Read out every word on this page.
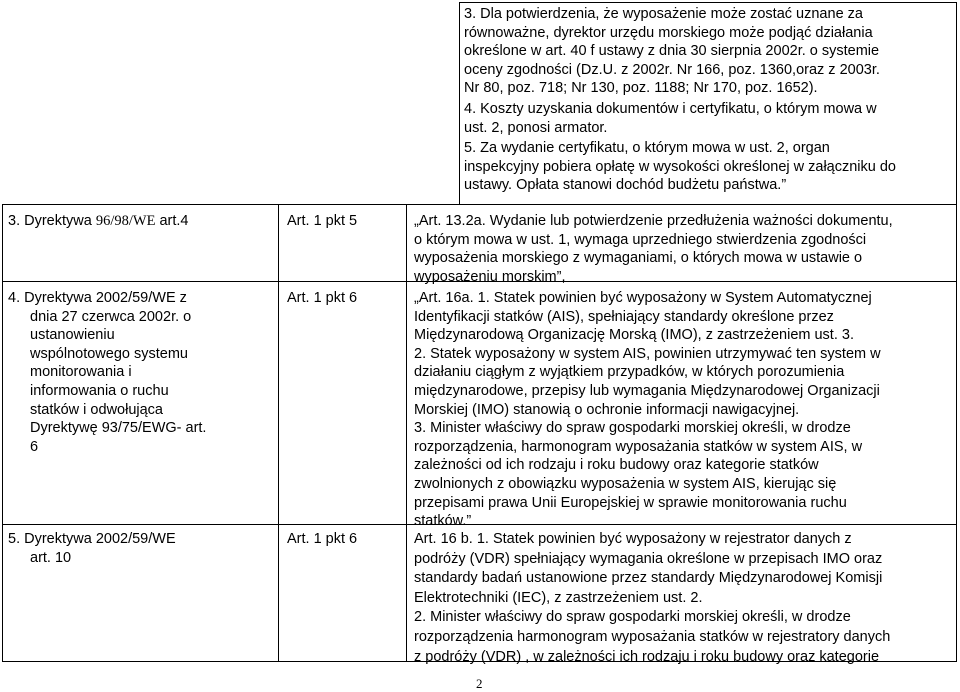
3. Dla potwierdzenia, że wyposażenie może zostać uznane za
równoważne, dyrektor urzędu morskiego może podjąć działania
określone w art. 40 f ustawy z dnia 30 sierpnia 2002r. o systemie
oceny zgodności (Dz.U. z 2002r. Nr 166, poz. 1360,oraz z 2003r.
Nr 80, poz. 718; Nr 130, poz. 1188; Nr 170, poz. 1652).
4. Koszty uzyskania dokumentów i certyfikatu, o którym mowa w
ust. 2, ponosi armator.
5. Za wydanie certyfikatu, o którym mowa w ust. 2, organ
inspekcyjny pobiera opłatę w wysokości określonej w załączniku do
ustawy. Opłata stanowi dochód budżetu państwa.”
3. Dyrektywa 96/98/WE art.4	Art. 1 pkt 5	„Art. 13.2a. Wydanie lub potwierdzenie przedłużenia ważności dokumentu,
o którym mowa w ust. 1, wymaga uprzedniego stwierdzenia zgodności
wyposażenia morskiego z wymaganiami, o których mowa w ustawie o
wyposażeniu morskim”,
4. Dyrektywa 2002/59/WE z
dnia 27 czerwca 2002r. o
ustanowieniu
wspólnotowego systemu
monitorowania i
informowania o ruchu
statków i odwołująca
Dyrektywę 93/75/EWG- art.
6
Art. 1 pkt 6	„Art. 16a. 1. Statek powinien być wyposażony w System Automatycznej
Identyfikacji statków (AIS), spełniający standardy określone przez
Międzynarodową Organizację Morską (IMO), z zastrzeżeniem ust. 3.
2. Statek wyposażony w system AIS, powinien utrzymywać ten system w
działaniu ciągłym z wyjątkiem przypadków, w których porozumienia
międzynarodowe, przepisy lub wymagania Międzynarodowej Organizacji
Morskiej (IMO) stanowią o ochronie informacji nawigacyjnej.
3. Minister właściwy do spraw gospodarki morskiej określi, w drodze
rozporządzenia, harmonogram wyposażania statków w system AIS, w
zależności od ich rodzaju i roku budowy oraz kategorie statków
zwolnionych z obowiązku wyposażenia w system AIS, kierując się
przepisami prawa Unii Europejskiej w sprawie monitorowania ruchu
statków.”
5. Dyrektywa 2002/59/WE
art. 10
Art. 1 pkt 6	Art. 16 b. 1. Statek powinien być wyposażony w rejestrator danych z
podróży (VDR) spełniający wymagania określone w przepisach IMO oraz
standardy badań ustanowione przez standardy Międzynarodowej Komisji
Elektrotechniki (IEC), z zastrzeżeniem ust. 2.
2. Minister właściwy do spraw gospodarki morskiej określi, w drodze
rozporządzenia harmonogram wyposażania statków w rejestratory danych
z podróży (VDR) , w zależności ich rodzaju i roku budowy oraz kategorie
2
